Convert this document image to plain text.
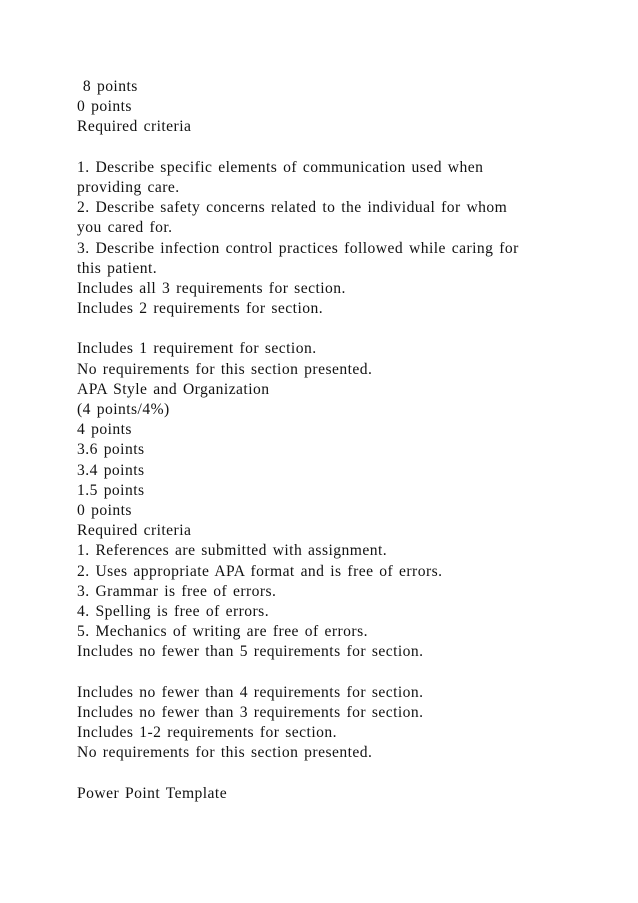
8 points
0 points
Required criteria
1. Describe specific elements of communication used when
providing care.
2. Describe safety concerns related to the individual for whom
you cared for.
3. Describe infection control practices followed while caring for
this patient.
Includes all 3 requirements for section.
Includes 2 requirements for section.
Includes 1 requirement for section.
No requirements for this section presented.
APA Style and Organization
(4 points/4%)
4 points
3.6 points
3.4 points
1.5 points
0 points
Required criteria
1. References are submitted with assignment.
2. Uses appropriate APA format and is free of errors.
3. Grammar is free of errors.
4. Spelling is free of errors.
5. Mechanics of writing are free of errors.
Includes no fewer than 5 requirements for section.
Includes no fewer than 4 requirements for section.
Includes no fewer than 3 requirements for section.
Includes 1-2 requirements for section.
No requirements for this section presented.
Power Point Template
